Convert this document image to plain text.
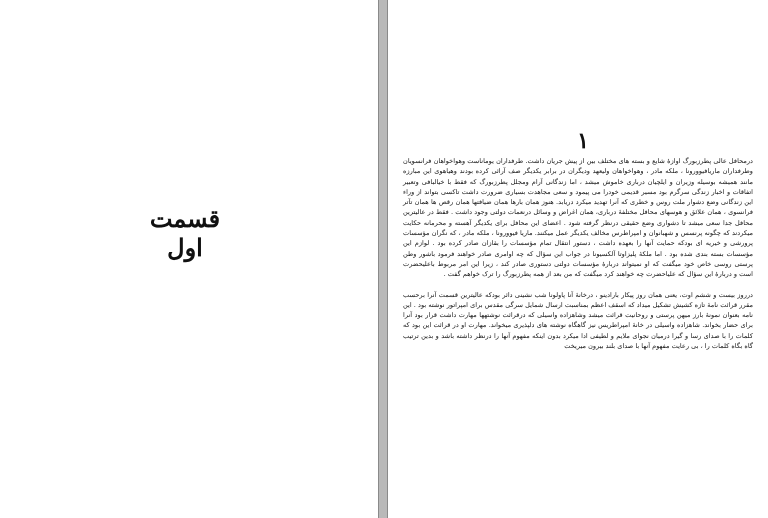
قسمت اول
۱

درمحافل عالی پطرزبورگ اوازهٔ شایع و بسته های مختلف بین از پیش جریان داشت. طرفداران یوماناست وهواخواهان فرانسویان وطرفداران ماریافیوورونا ، ملکه مادر ، وهواخواهان ولیعهد ودیگران در برابر یکدیگر صف آرائی کرده بودند وهیاهوی این مبارزه مانند همیشه بوسیله وزیران و ایلچیان درباری خاموش میشد ، اما زندگانی آرام ومجلل پطرزبورگ که فقط با خیالبافی وتعبیر اتفاقات و اخبار زندگی سرگرم بود مسیر قدیمی خودرا می پیمود و سعی مجاهدت بسیاری ضرورت داشت تاکسی بتواند از وراء این زندگانی وضع دشوار ملت روس و خطری که آنرا تهدید میکرد دریابد. هنوز همان بارها همان ضیافتها همان رقص ها همان تآتر فرانسوی ، همان علائق و هوسهای محافل مختلفهٔ درباری، همان اغراض و وسائل درنعمات دولتی وجود داشت . فقط در عالیترین محافل جدا سعی میشد تا دشواری وضع حقیقی درنظر گرفته شود . اعضای این محافل برای یکدیگر آهسته و محرمانه حکایت میکردند که چگونه پرنسس و شهبانوان و امپراطرس مخالف یکدیگر عمل میکنند. ماریا فیوورونا ، ملکه مادر ، که نگران مؤسسات پرورشی و خیریه ای بودکه حمایت آنها را بعهده داشت ، دستور انتقال تمام مؤسسات را بقازان صادر کرده بود . لوازم این مؤسسات بسته بندی شده بود . اما ملکهٔ پلیزاوتا آلکسیونا در جواب این سؤال که چه اوامری صادر خواهند فرمود باشور وطن پرستی روسی خاص خود میگفت که او نمیتواند دربارهٔ مؤسسات دولتی دستوری صادر کند ، زیرا این امر مربوط باعلیحضرت است و دربارهٔ این سؤال که علیاحضرت چه خواهند کرد میگفت که من بعد از همه پطرزبورگ را ترک خواهم گفت .

درروز بیست و ششم اوت، یعنی همان روز پیکار بارادینو ، درخانهٔ آنا پاولونا شب نشینی دائر بودکه عالیترین قسمت آنرا برحسب مقرر قرائت نامهٔ تازه کشیش تشکیل میداد که اسقف اعظم بمناسبت ارسال شمایل سرگی مقدس برای امپراتور نوشته بود . این نامه بعنوان نمونهٔ بارز میهن پرستی و روحانیت قرائت میشد وشاهزاده واسیلی که درقرائت نوشتهها مهارت داشت قرار بود آنرا برای حضار بخواند. شاهزاده واسیلی در خانهٔ امپراطریس نیز گاهگاه نوشته های دلپذیری میخواند. مهارت او در قرائت این بود که کلمات را با صدای رسا و گیرا درمیان نجوای ملایم و لطیفی ادا میکرد بدون اینکه مفهوم آنها را درنظر داشته باشد و بدین ترتیب گاه بگاه کلمات را ، بی رعایت مفهوم آنها با صدای بلند بیرون میریخت
